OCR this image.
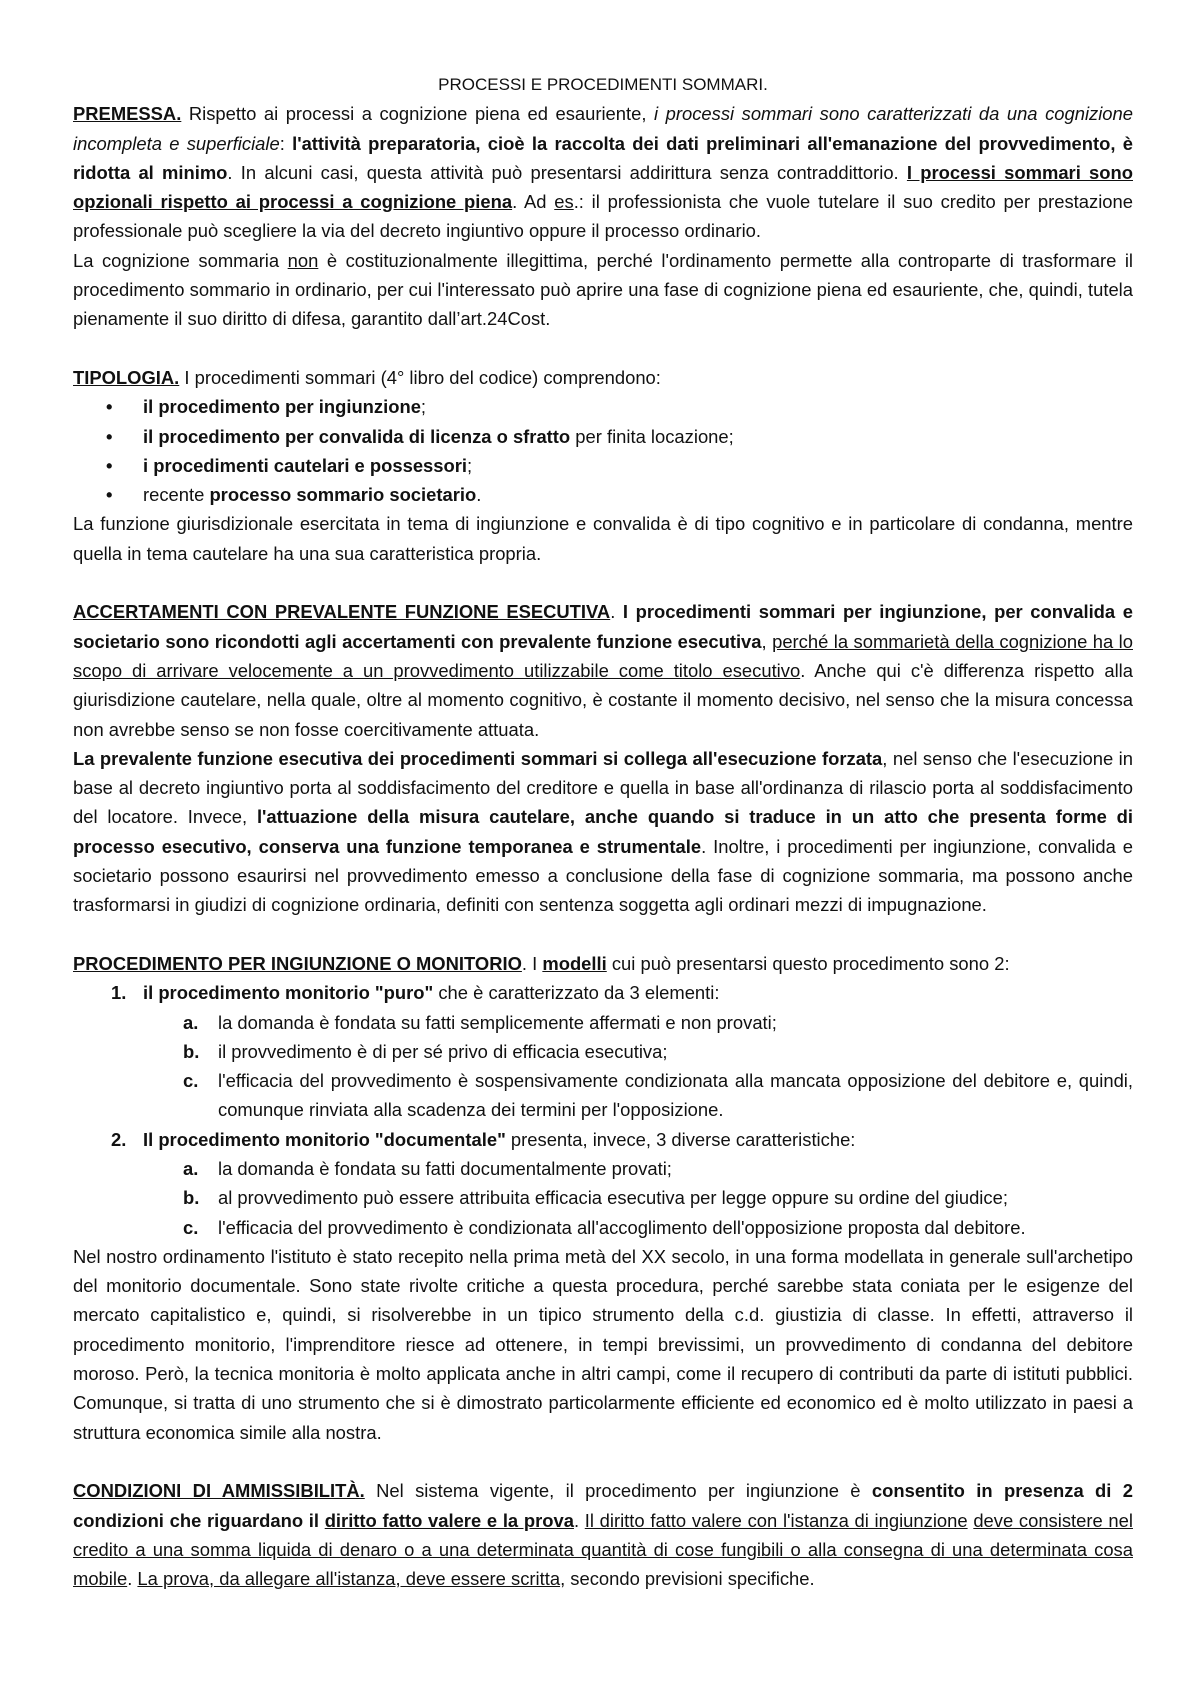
PROCESSI E PROCEDIMENTI SOMMARI.

PREMESSA. Rispetto ai processi a cognizione piena ed esauriente, i processi sommari sono caratterizzati da una cognizione incompleta e superficiale: l'attività preparatoria, cioè la raccolta dei dati preliminari all'emanazione del provvedimento, è ridotta al minimo. In alcuni casi, questa attività può presentarsi addirittura senza contraddittorio. I processi sommari sono opzionali rispetto ai processi a cognizione piena. Ad es.: il professionista che vuole tutelare il suo credito per prestazione professionale può scegliere la via del decreto ingiuntivo oppure il processo ordinario.

La cognizione sommaria non è costituzionalmente illegittima, perché l'ordinamento permette alla controparte di trasformare il procedimento sommario in ordinario, per cui l'interessato può aprire una fase di cognizione piena ed esauriente, che, quindi, tutela pienamente il suo diritto di difesa, garantito dall’art.24Cost.

TIPOLOGIA. I procedimenti sommari (4° libro del codice) comprendono:

• il procedimento per ingiunzione;
• il procedimento per convalida di licenza o sfratto per finita locazione;
• i procedimenti cautelari e possessori;
• recente processo sommario societario.

La funzione giurisdizionale esercitata in tema di ingiunzione e convalida è di tipo cognitivo e in particolare di condanna, mentre quella in tema cautelare ha una sua caratteristica propria.

ACCERTAMENTI CON PREVALENTE FUNZIONE ESECUTIVA. I procedimenti sommari per ingiunzione, per convalida e societario sono ricondotti agli accertamenti con prevalente funzione esecutiva, perché la sommarietà della cognizione ha lo scopo di arrivare velocemente a un provvedimento utilizzabile come titolo esecutivo. Anche qui c'è differenza rispetto alla giurisdizione cautelare, nella quale, oltre al momento cognitivo, è costante il momento decisivo, nel senso che la misura concessa non avrebbe senso se non fosse coercitivamente attuata.

La prevalente funzione esecutiva dei procedimenti sommari si collega all'esecuzione forzata, nel senso che l'esecuzione in base al decreto ingiuntivo porta al soddisfacimento del creditore e quella in base all'ordinanza di rilascio porta al soddisfacimento del locatore. Invece, l'attuazione della misura cautelare, anche quando si traduce in un atto che presenta forme di processo esecutivo, conserva una funzione temporanea e strumentale. Inoltre, i procedimenti per ingiunzione, convalida e societario possono esaurirsi nel provvedimento emesso a conclusione della fase di cognizione sommaria, ma possono anche trasformarsi in giudizi di cognizione ordinaria, definiti con sentenza soggetta agli ordinari mezzi di impugnazione.

PROCEDIMENTO PER INGIUNZIONE O MONITORIO. I modelli cui può presentarsi questo procedimento sono 2:

1. il procedimento monitorio "puro" che è caratterizzato da 3 elementi:
a. la domanda è fondata su fatti semplicemente affermati e non provati;
b. il provvedimento è di per sé privo di efficacia esecutiva;
c. l'efficacia del provvedimento è sospensivamente condizionata alla mancata opposizione del debitore e, quindi, comunque rinviata alla scadenza dei termini per l'opposizione.
2. Il procedimento monitorio "documentale" presenta, invece, 3 diverse caratteristiche:
a. la domanda è fondata su fatti documentalmente provati;
b. al provvedimento può essere attribuita efficacia esecutiva per legge oppure su ordine del giudice;
c. l'efficacia del provvedimento è condizionata all'accoglimento dell'opposizione proposta dal debitore.

Nel nostro ordinamento l'istituto è stato recepito nella prima metà del XX secolo, in una forma modellata in generale sull'archetipo del monitorio documentale. Sono state rivolte critiche a questa procedura, perché sarebbe stata coniata per le esigenze del mercato capitalistico e, quindi, si risolverebbe in un tipico strumento della c.d. giustizia di classe. In effetti, attraverso il procedimento monitorio, l'imprenditore riesce ad ottenere, in tempi brevissimi, un provvedimento di condanna del debitore moroso. Però, la tecnica monitoria è molto applicata anche in altri campi, come il recupero di contributi da parte di istituti pubblici. Comunque, si tratta di uno strumento che si è dimostrato particolarmente efficiente ed economico ed è molto utilizzato in paesi a struttura economica simile alla nostra.

CONDIZIONI DI AMMISSIBILITÀ. Nel sistema vigente, il procedimento per ingiunzione è consentito in presenza di 2 condizioni che riguardano il diritto fatto valere e la prova. Il diritto fatto valere con l'istanza di ingiunzione deve consistere nel credito a una somma liquida di denaro o a una determinata quantità di cose fungibili o alla consegna di una determinata cosa mobile. La prova, da allegare all'istanza, deve essere scritta, secondo previsioni specifiche.
